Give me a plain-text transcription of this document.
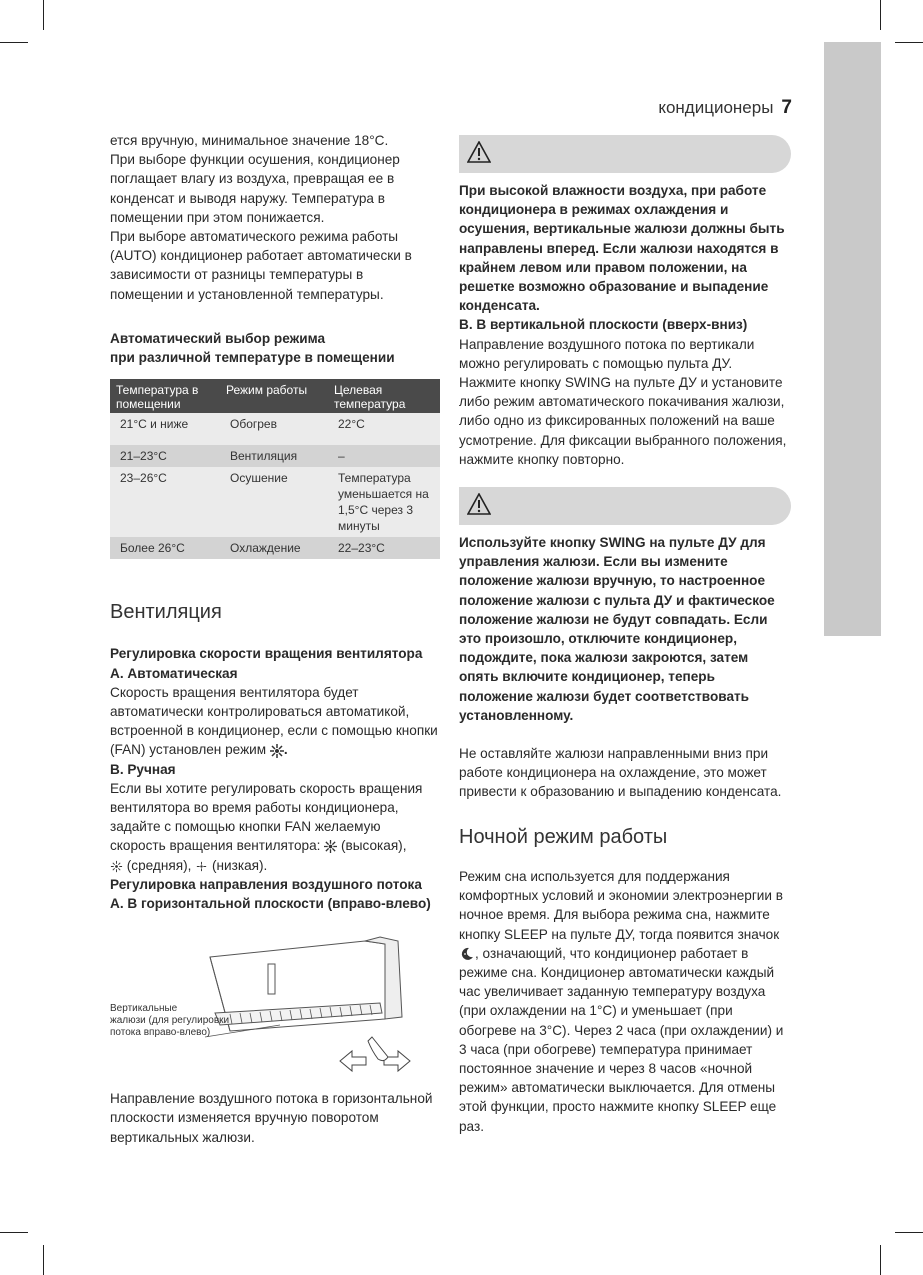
кондиционеры 7

ется вручную, минимальное значение 18°C.

При выборе функции осушения, кондиционер поглащает влагу из воздуха, превращая ее в конденсат и выводя наружу. Температура в помещении при этом понижается.

При выборе автоматического режима работы (AUTO) кондиционер работает автоматически в зависимости от разницы температуры в помещении и установленной температуры.

Автоматический выбор режима

при различной температуре в помещении

Температура в помещении	Режим работы	Целевая температура
21°C и ниже	Обогрев	22°C
21–23°C	Вентиляция	–
23–26°C	Осушение	Температура уменьшается на 1,5°C через 3 минуты
Более 26°C	Охлаждение	22–23°C

Вентиляция

Регулировка скорости вращения вентилятора

A. Автоматическая

Скорость вращения вентилятора будет автоматически контролироваться автоматикой, встроенной в кондиционер, если с помощью кнопки (FAN) установлен режим .

B. Ручная

Если вы хотите регулировать скорость вращения вентилятора во время работы кондиционера, задайте с помощью кнопки FAN желаемую скорость вращения вентилятора: (высокая),
(средняя), (низкая).

Регулировка направления воздушного потока

A. В горизонтальной плоскости (вправо-влево)

Вертикальные
жалюзи (для регулировки
потока вправо-влево)

Направление воздушного потока в горизонтальной плоскости изменяется вручную поворотом вертикальных жалюзи.

При высокой влажности воздуха, при работе кондиционера в режимах охлаждения и осушения, вертикальные жалюзи должны быть направлены вперед. Если жалюзи находятся в крайнем левом или правом положении, на решетке возможно образование и выпадение конденсата.

B. В вертикальной плоскости (вверх-вниз)

Направление воздушного потока по вертикали можно регулировать с помощью пульта ДУ. Нажмите кнопку SWING на пульте ДУ и установите либо режим автоматического покачивания жалюзи, либо одно из фиксированных положений на ваше усмотрение. Для фиксации выбранного положения, нажмите кнопку повторно.

Используйте кнопку SWING на пульте ДУ для управления жалюзи. Если вы измените положение жалюзи вручную, то настроенное положение жалюзи с пульта ДУ и фактическое положение жалюзи не будут совпадать. Если это произошло, отключите кондиционер, подождите, пока жалюзи закроются, затем опять включите кондиционер, теперь положение жалюзи будет соответствовать установленному.

Не оставляйте жалюзи направленными вниз при работе кондиционера на охлаждение, это может привести к образованию и выпадению конденсата.

Ночной режим работы

Режим сна используется для поддержания комфортных условий и экономии электроэнергии в ночное время. Для выбора режима сна, нажмите кнопку SLEEP на пульте ДУ, тогда появится значок , означающий, что кондиционер работает в режиме сна. Кондиционер автоматически каждый час увеличивает заданную температуру воздуха (при охлаждении на 1°C) и уменьшает (при обогреве на 3°C). Через 2 часа (при охлаждении) и 3 часа (при обогреве) температура принимает постоянное значение и через 8 часов «ночной режим» автоматически выключается. Для отмены этой функции, просто нажмите кнопку SLEEP еще раз.
